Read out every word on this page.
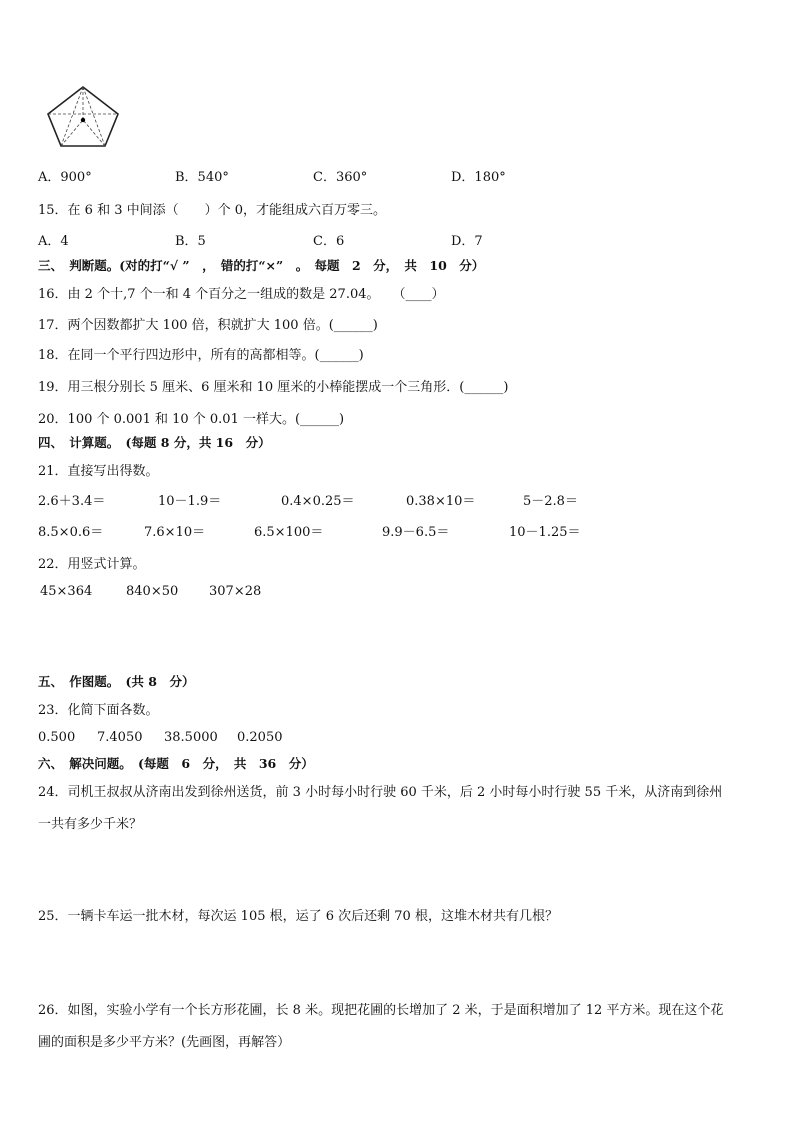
A．900°	B．540°	C．360°	D．180°
15．在 6 和 3 中间添（　　）个 0，才能组成六百万零三。
A．4	B．5	C．6	D．7
三、　判断题。(对的打“√ ”　，　错的打“×”　。　每题　2　分，　共　10　分）
16．由 2 个十,7 个一和 4 个百分之一组成的数是 27.04。　　（____）
17．两个因数都扩大 100 倍，积就扩大 100 倍。(______)
18．在同一个平行四边形中，所有的高都相等。(______)
19．用三根分别长 5 厘米、6 厘米和 10 厘米的小棒能摆成一个三角形．(______)
20．100 个 0.001 和 10 个 0.01 一样大。(______)
四、　计算题。　(每题 8 分，共 16　分）
21．直接写出得数。
2.6＋3.4＝	10－1.9＝	0.4×0.25＝	0.38×10＝	5－2.8＝
8.5×0.6＝	7.6×10＝	6.5×100＝	9.9－6.5＝	10－1.25＝
22．用竖式计算。
45×364	840×50 307×28
五、　作图题。　(共 8　分）
23．化简下面各数。
0.500 7.4050 38.5000 0.2050
六、　解决问题。　(每题　6　分，　共　36　分）
24．司机王叔叔从济南出发到徐州送货，前 3 小时每小时行驶 60 千米，后 2 小时每小时行驶 55 千米，从济南到徐州
一共有多少千米？
25．一辆卡车运一批木材，每次运 105 根，运了 6 次后还剩 70 根，这堆木材共有几根？
26．如图，实验小学有一个长方形花圃，长 8 米。现把花圃的长增加了 2 米，于是面积增加了 12 平方米。现在这个花
圃的面积是多少平方米？(先画图，再解答）
